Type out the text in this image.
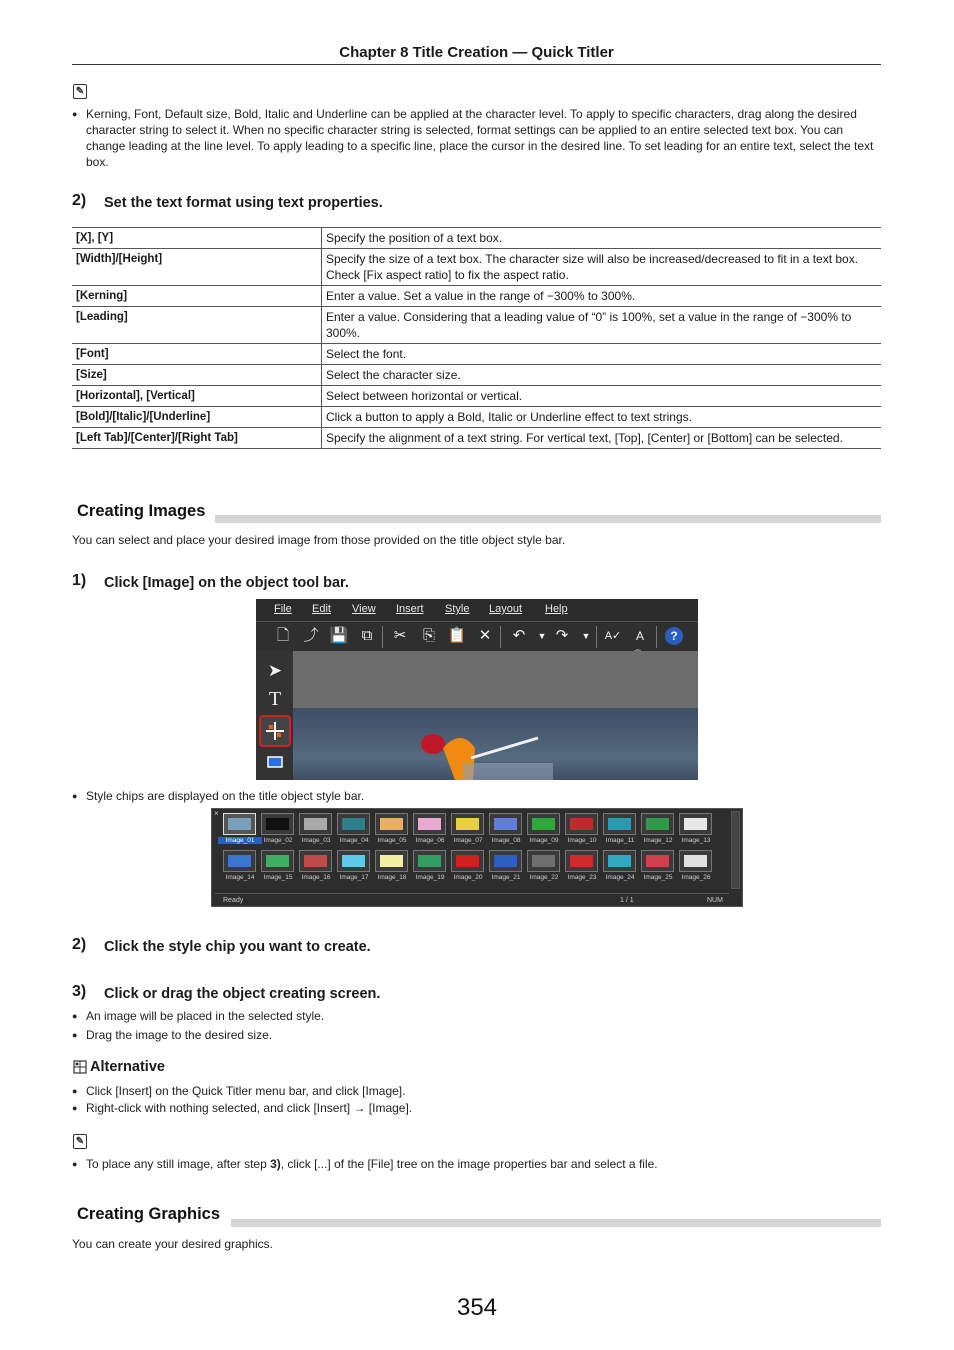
Chapter 8 Title Creation — Quick Titler
✎
● Kerning, Font, Default size, Bold, Italic and Underline can be applied at the character level. To apply to specific characters, drag along the desired character string to select it. When no specific character string is selected, format settings can be applied to an entire selected text box. You can change leading at the line level. To apply leading to a specific line, place the cursor in the desired line. To set leading for an entire text, select the text box.
2) Set the text format using text properties.
[X], [Y]	Specify the position of a text box.
[Width]/[Height]	Specify the size of a text box. The character size will also be increased/decreased to fit in a text box. Check [Fix aspect ratio] to fix the aspect ratio.
[Kerning]	Enter a value. Set a value in the range of −300% to 300%.
[Leading]	Enter a value. Considering that a leading value of “0” is 100%, set a value in the range of −300% to 300%.
[Font]	Select the font.
[Size]	Select the character size.
[Horizontal], [Vertical]	Select between horizontal or vertical.
[Bold]/[Italic]/[Underline]	Click a button to apply a Bold, Italic or Underline effect to text strings.
[Left Tab]/[Center]/[Right Tab]	Specify the alignment of a text string. For vertical text, [Top], [Center] or [Bottom] can be selected.
Creating Images
You can select and place your desired image from those provided on the title object style bar.
1) Click [Image] on the object tool bar.
File Edit View Insert Style Layout Help
🗋 ⤴ 💾 ⧉	✂ ⎘ 📋 ✕ ↶	▼ ↷	▼	A✓	A	?
➤
T
● Style chips are displayed on the title object style bar.
×
Ready	1 / 1	NUM
Image_01	Image_02	Image_03	Image_04	Image_05	Image_06	Image_07	Image_08	Image_09	Image_10	Image_11	Image_12	Image_13
Image_14	Image_15	Image_16	Image_17	Image_18	Image_19	Image_20	Image_21	Image_22	Image_23	Image_24	Image_25	Image_26
2) Click the style chip you want to create.
3) Click or drag the object creating screen.
● An image will be placed in the selected style.
● Drag the image to the desired size.
Alternative
● Click [Insert] on the Quick Titler menu bar, and click [Image].
● Right-click with nothing selected, and click [Insert] → [Image].
✎
● To place any still image, after step 3), click [...] of the [File] tree on the image properties bar and select a file.
Creating Graphics
You can create your desired graphics.
354
